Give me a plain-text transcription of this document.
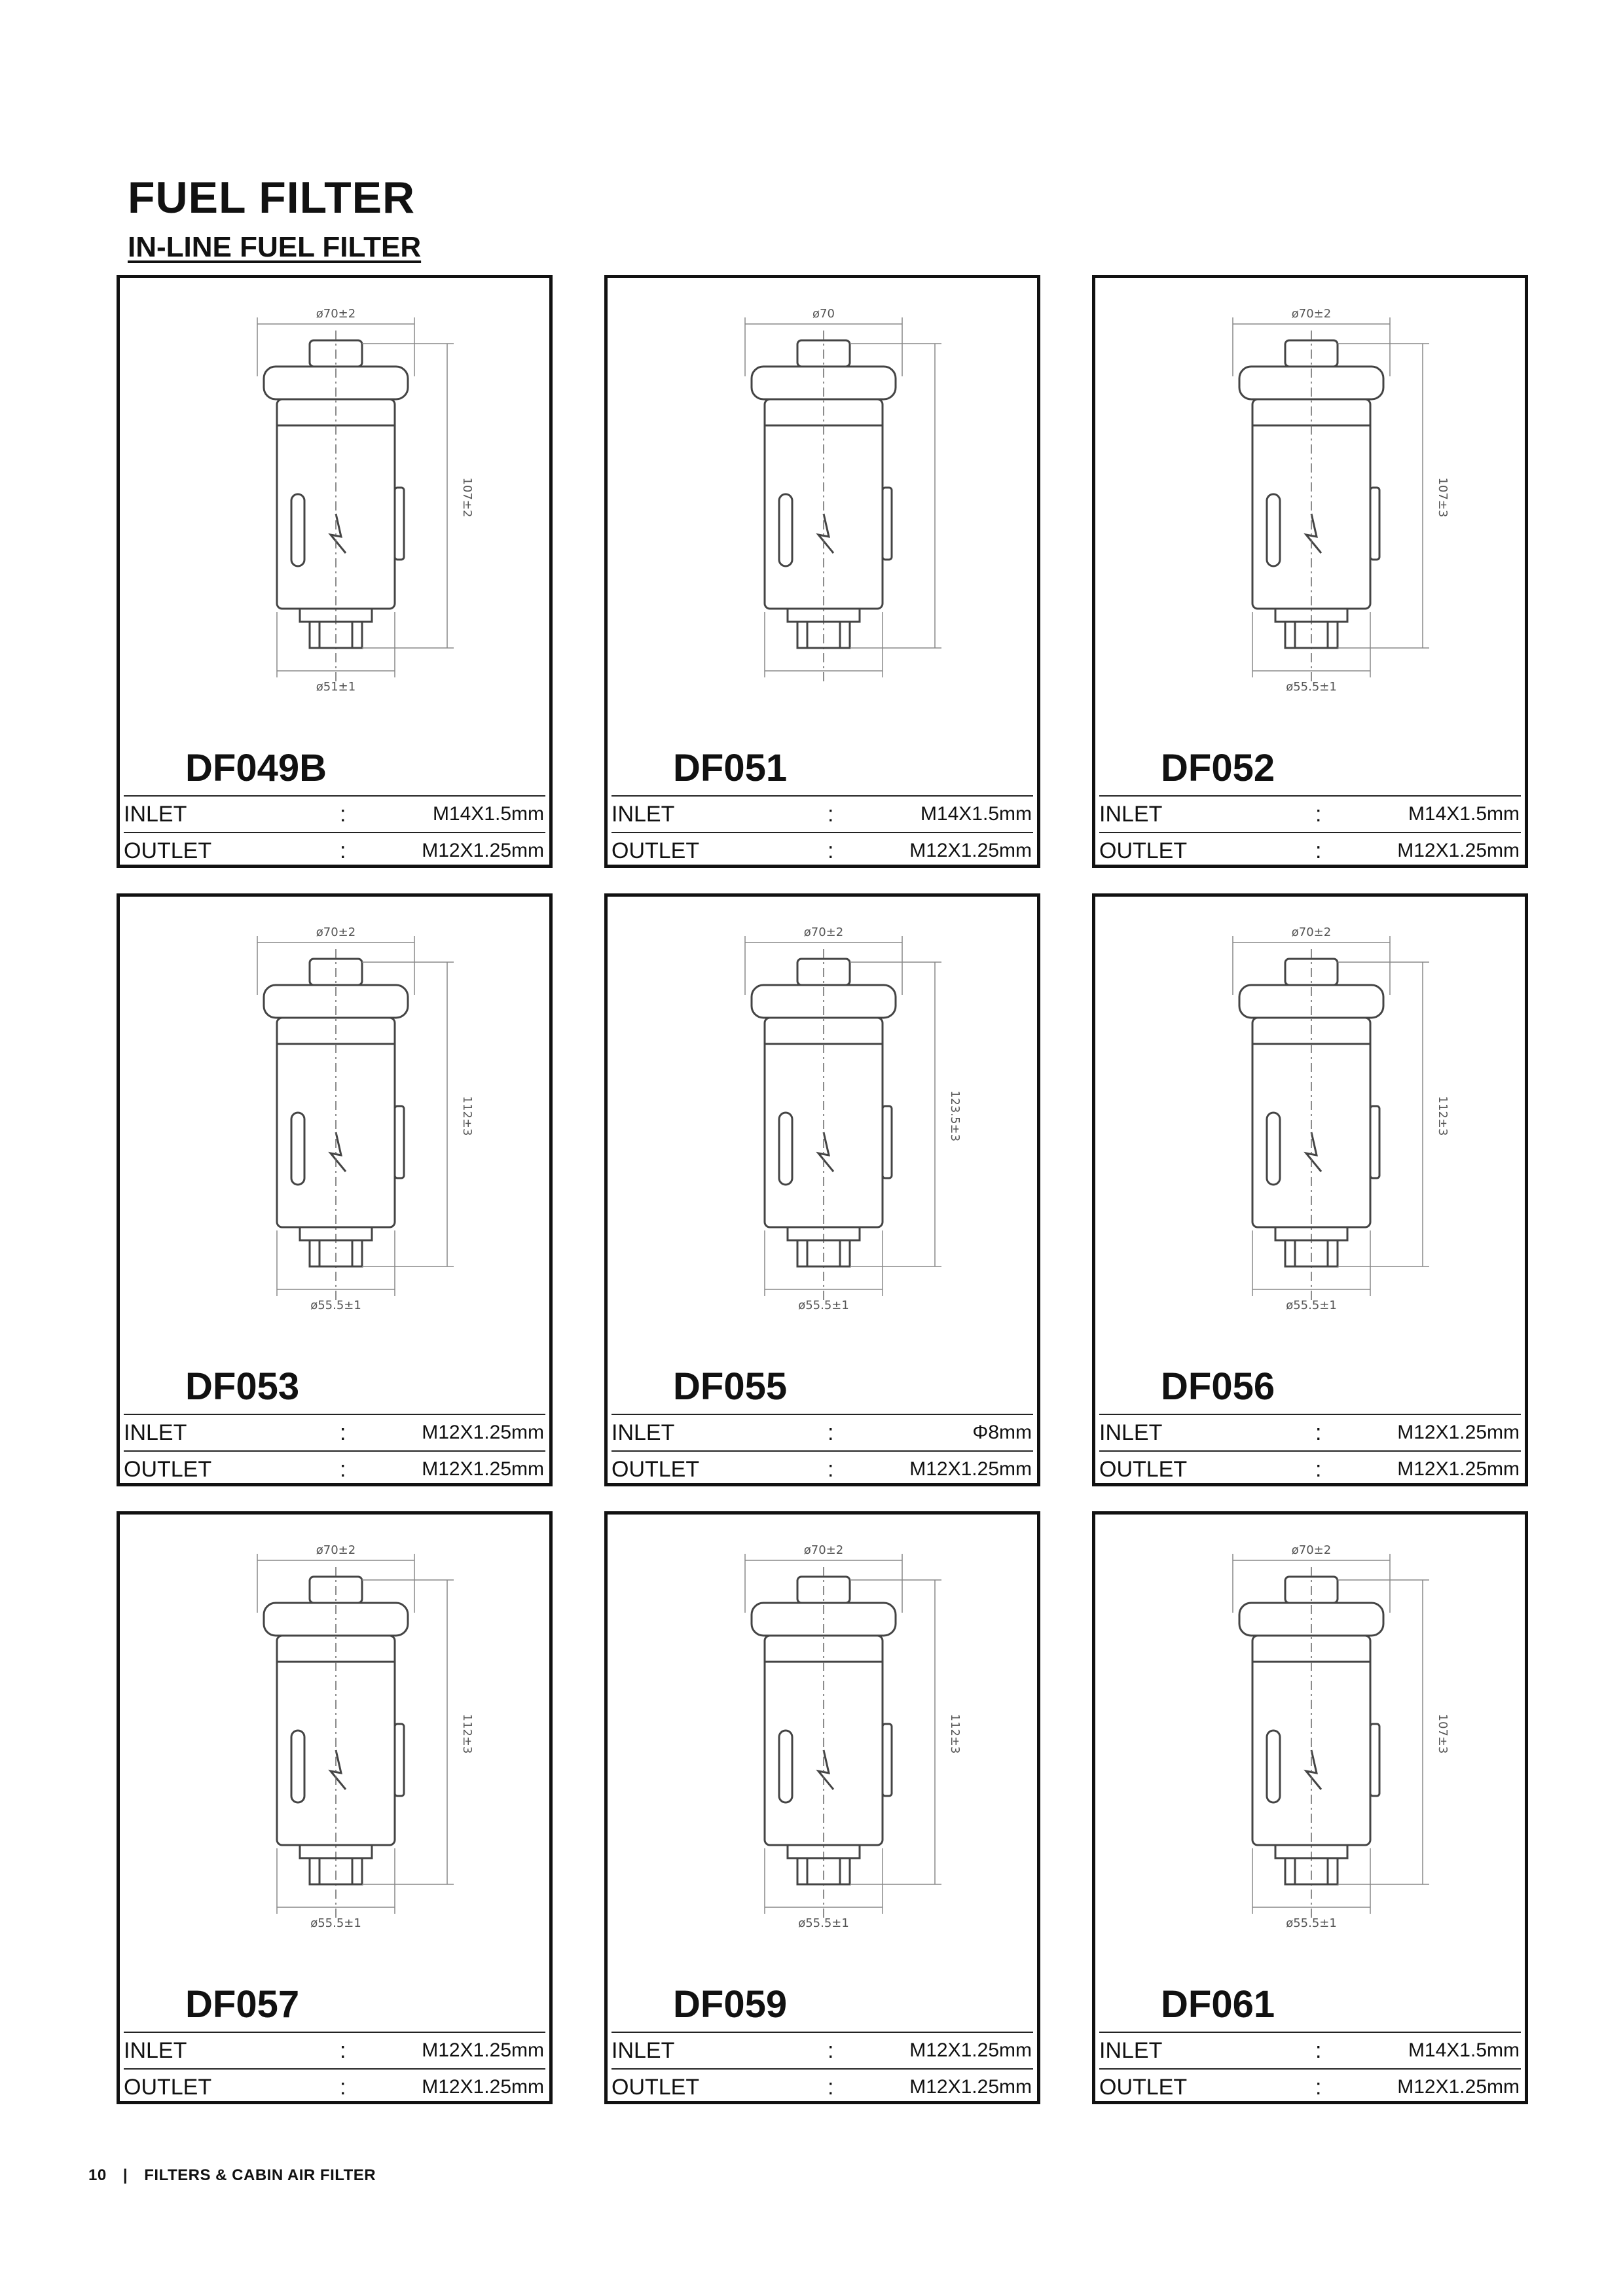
FUEL FILTER
IN-LINE FUEL FILTER
ø70±2
ø51±1
107±2
DF049B
INLET	:	M14X1.5mm
OUTLET	:	M12X1.25mm
ø70
DF051
INLET	:	M14X1.5mm
OUTLET	:	M12X1.25mm
ø70±2
ø55.5±1
107±3
DF052
INLET	:	M14X1.5mm
OUTLET	:	M12X1.25mm
ø70±2
ø55.5±1
112±3
DF053
INLET	:	M12X1.25mm
OUTLET	:	M12X1.25mm
ø70±2
ø55.5±1
123.5±3
DF055
INLET	:	Φ8mm
OUTLET	:	M12X1.25mm
ø70±2
ø55.5±1
112±3
DF056
INLET	:	M12X1.25mm
OUTLET	:	M12X1.25mm
ø70±2
ø55.5±1
112±3
DF057
INLET	:	M12X1.25mm
OUTLET	:	M12X1.25mm
ø70±2
ø55.5±1
112±3
DF059
INLET	:	M12X1.25mm
OUTLET	:	M12X1.25mm
ø70±2
ø55.5±1
107±3
DF061
INLET	:	M14X1.5mm
OUTLET	:	M12X1.25mm
10 | FILTERS & CABIN AIR FILTER
